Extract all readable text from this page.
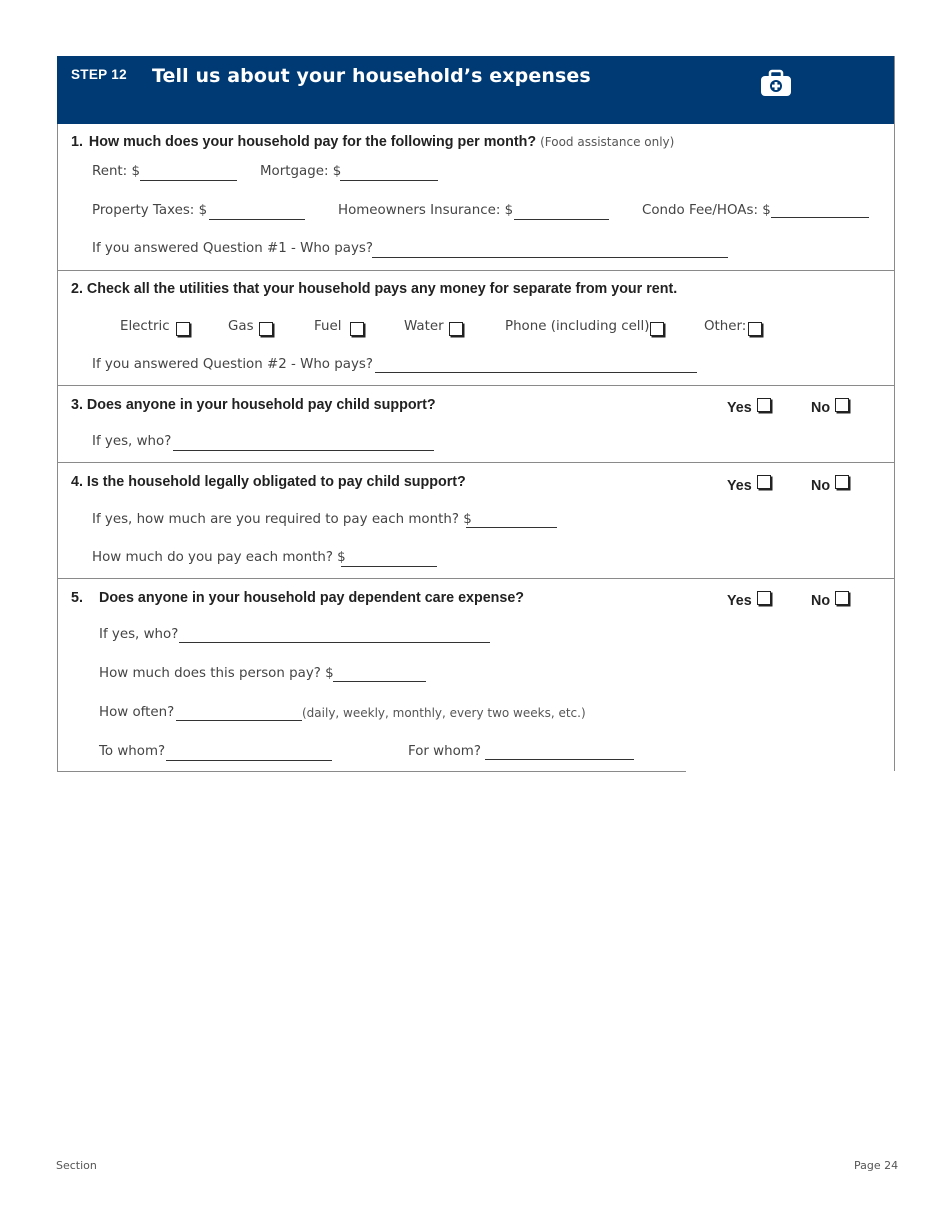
STEP 12 Tell us about your household’s expenses
1. How much does your household pay for the following per month? (Food assistance only)
Rent: $	Mortgage: $
Property Taxes: $	Homeowners Insurance: $	Condo Fee/HOAs: $
If you answered Question #1 - Who pays?
2. Check all the utilities that your household pays any money for separate from your rent.
Electric	Gas	Fuel	Water	Phone (including cell)	Other:
If you answered Question #2 - Who pays?
3. Does anyone in your household pay child support?	Yes	No
If yes, who?
4. Is the household legally obligated to pay child support?	Yes	No
If yes, how much are you required to pay each month? $
How much do you pay each month? $
5. Does anyone in your household pay dependent care expense?	Yes	No
If yes, who?
How much does this person pay? $
How often?	(daily, weekly, monthly, every two weeks, etc.)
To whom?	For whom?
Section	Page 24
